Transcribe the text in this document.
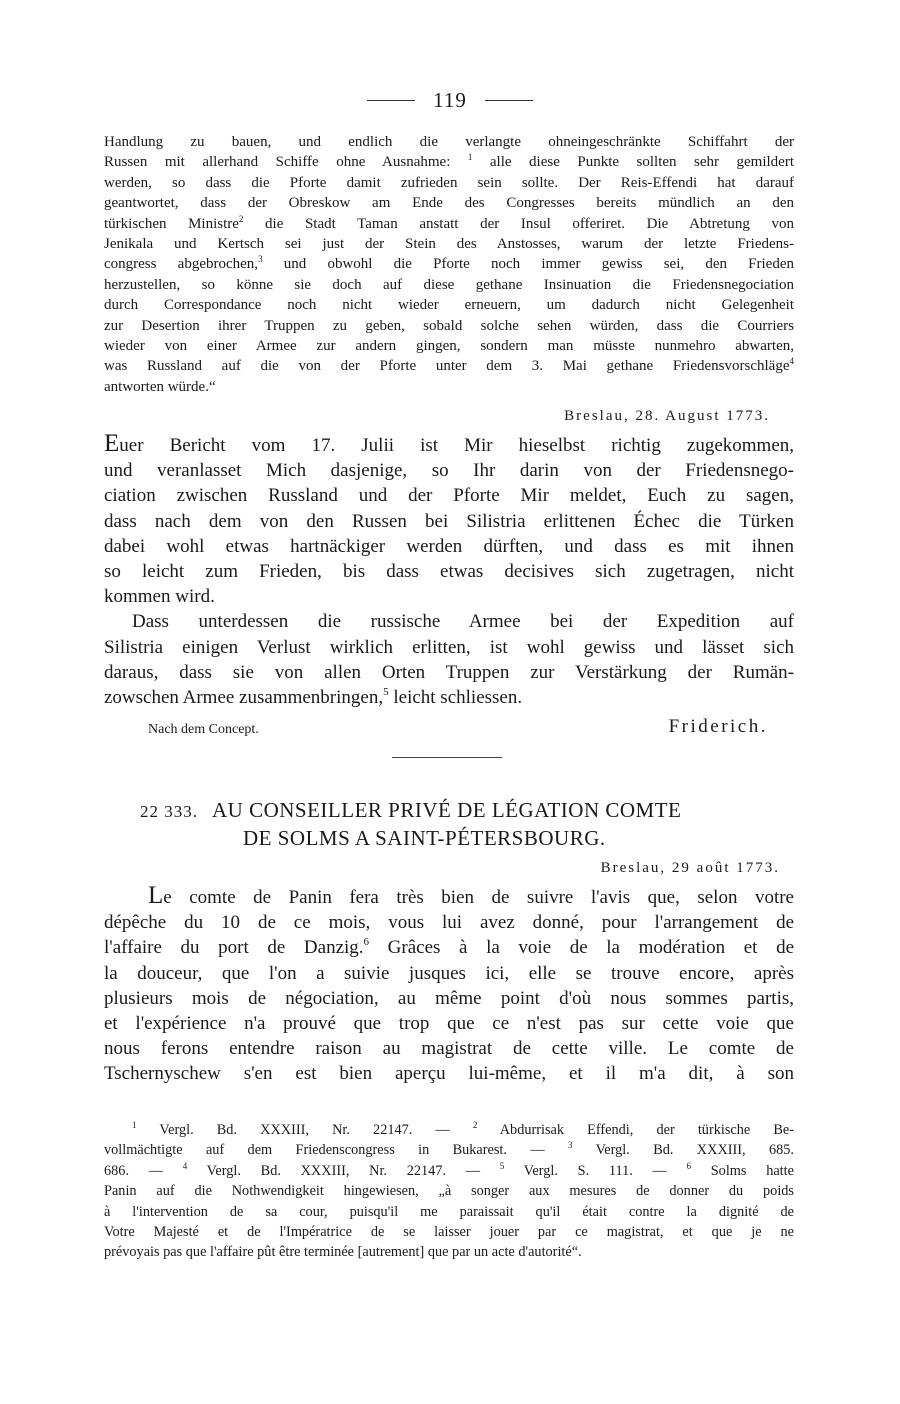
119
Handlung zu bauen, und endlich die verlangte ohneingeschränkte Schiffahrt der
Russen mit allerhand Schiffe ohne Ausnahme: $^1$ alle diese Punkte sollten sehr gemildert
werden, so dass die Pforte damit zufrieden sein sollte. Der Reis-Effendi hat darauf
geantwortet, dass der Obreskow am Ende des Congresses bereits mündlich an den
türkischen Ministre$^2$ die Stadt Taman anstatt der Insul offeriret. Die Abtretung von
Jenikala und Kertsch sei just der Stein des Anstosses, warum der letzte Friedens-
congress abgebrochen,$^3$ und obwohl die Pforte noch immer gewiss sei, den Frieden
herzustellen, so könne sie doch auf diese gethane Insinuation die Friedensnegociation
durch Correspondance noch nicht wieder erneuern, um dadurch nicht Gelegenheit
zur Desertion ihrer Truppen zu geben, sobald solche sehen würden, dass die Courriers
wieder von einer Armee zur andern gingen, sondern man müsste nunmehro abwarten,
was Russland auf die von der Pforte unter dem 3. Mai gethane Friedensvorschläge$^4$
antworten würde.“
Breslau, 28. August 1773.
Euer Bericht vom 17. Julii ist Mir hieselbst richtig zugekommen,
und veranlasset Mich dasjenige, so Ihr darin von der Friedensnego-
ciation zwischen Russland und der Pforte Mir meldet, Euch zu sagen,
dass nach dem von den Russen bei Silistria erlittenen Échec die Türken
dabei wohl etwas hartnäckiger werden dürften, und dass es mit ihnen
so leicht zum Frieden, bis dass etwas decisives sich zugetragen, nicht
kommen wird.
Dass unterdessen die russische Armee bei der Expedition auf
Silistria einigen Verlust wirklich erlitten, ist wohl gewiss und lässet sich
daraus, dass sie von allen Orten Truppen zur Verstärkung der Rumän-
zowschen Armee zusammenbringen,$^5$ leicht schliessen.
Nach dem Concept.	Friderich.
22 333. AU CONSEILLER PRIVÉ DE LÉGATION COMTE
DE SOLMS A SAINT-PÉTERSBOURG.
Breslau, 29 août 1773.
Le comte de Panin fera très bien de suivre l'avis que, selon votre
dépêche du 10 de ce mois, vous lui avez donné, pour l'arrangement de
l'affaire du port de Danzig.$^6$ Grâces à la voie de la modération et de
la douceur, que l'on a suivie jusques ici, elle se trouve encore, après
plusieurs mois de négociation, au même point d'où nous sommes partis,
et l'expérience n'a prouvé que trop que ce n'est pas sur cette voie que
nous ferons entendre raison au magistrat de cette ville. Le comte de
Tschernyschew s'en est bien aperçu lui-même, et il m'a dit, à son
$^1$ Vergl. Bd. XXXIII, Nr. 22147. — $^2$ Abdurrisak Effendi, der türkische Be-
vollmächtigte auf dem Friedenscongress in Bukarest. — $^3$ Vergl. Bd. XXXIII, 685.
686. — $^4$ Vergl. Bd. XXXIII, Nr. 22147. — $^5$ Vergl. S. 111. — $^6$ Solms hatte
Panin auf die Nothwendigkeit hingewiesen, „à songer aux mesures de donner du poids
à l'intervention de sa cour, puisqu'il me paraissait qu'il était contre la dignité de
Votre Majesté et de l'Impératrice de se laisser jouer par ce magistrat, et que je ne
prévoyais pas que l'affaire pût être terminée [autrement] que par un acte d'autorité“.
